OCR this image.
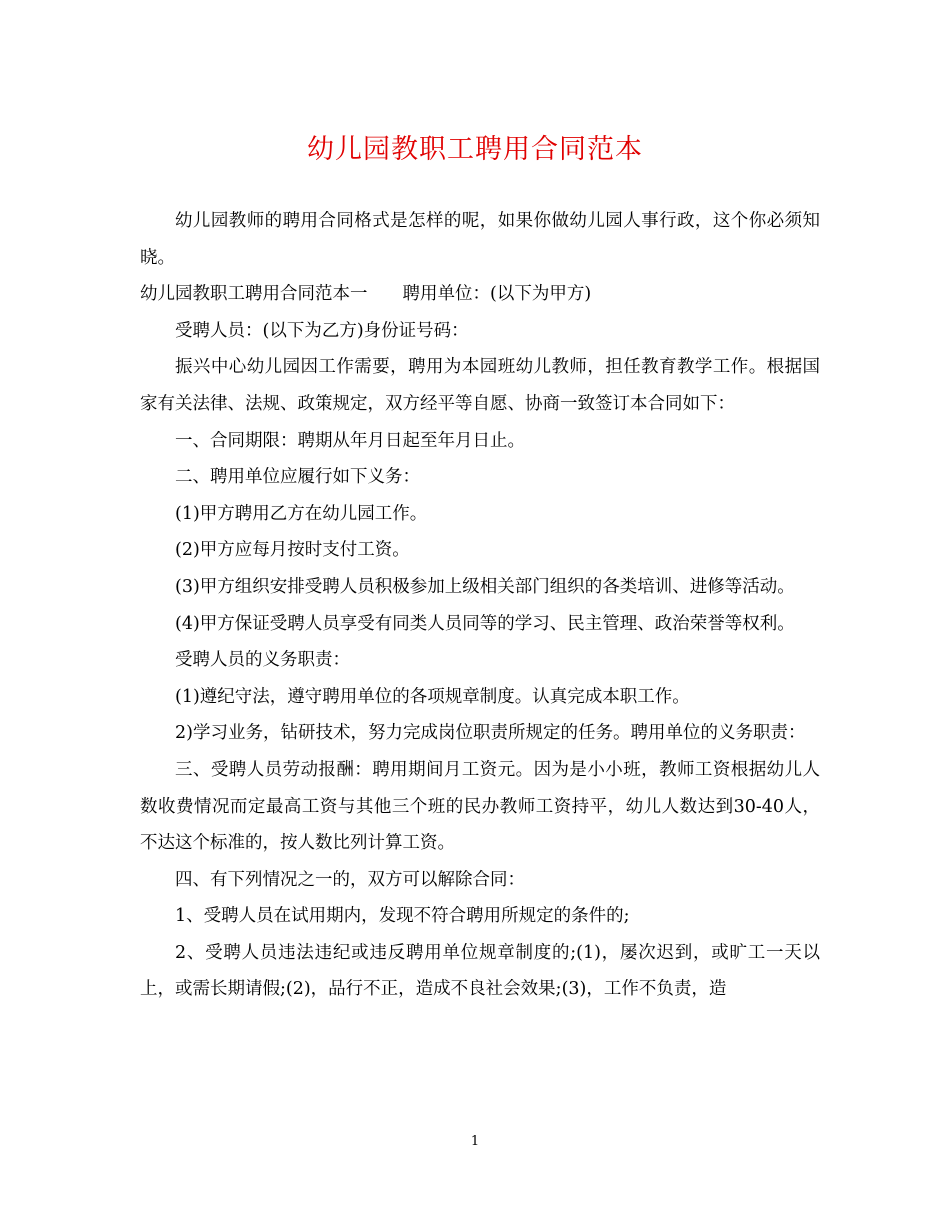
幼儿园教职工聘用合同范本

幼儿园教师的聘用合同格式是怎样的呢，如果你做幼儿园人事行政，这个你必须知晓。

幼儿园教职工聘用合同范本一　　聘用单位：(以下为甲方)

受聘人员：(以下为乙方)身份证号码：

振兴中心幼儿园因工作需要，聘用为本园班幼儿教师，担任教育教学工作。根据国家有关法律、法规、政策规定，双方经平等自愿、协商一致签订本合同如下：

一、合同期限：聘期从年月日起至年月日止。

二、聘用单位应履行如下义务：

(1)甲方聘用乙方在幼儿园工作。

(2)甲方应每月按时支付工资。

(3)甲方组织安排受聘人员积极参加上级相关部门组织的各类培训、进修等活动。

(4)甲方保证受聘人员享受有同类人员同等的学习、民主管理、政治荣誉等权利。

受聘人员的义务职责：

(1)遵纪守法，遵守聘用单位的各项规章制度。认真完成本职工作。

2)学习业务，钻研技术，努力完成岗位职责所规定的任务。聘用单位的义务职责：

三、受聘人员劳动报酬：聘用期间月工资元。因为是小小班，教师工资根据幼儿人数收费情况而定最高工资与其他三个班的民办教师工资持平，幼儿人数达到30-40人，不达这个标准的，按人数比列计算工资。

四、有下列情况之一的，双方可以解除合同：

1、受聘人员在试用期内，发现不符合聘用所规定的条件的;

2、受聘人员违法违纪或违反聘用单位规章制度的;(1)，屡次迟到，或旷工一天以上，或需长期请假;(2)，品行不正，造成不良社会效果;(3)，工作不负责，造

1
